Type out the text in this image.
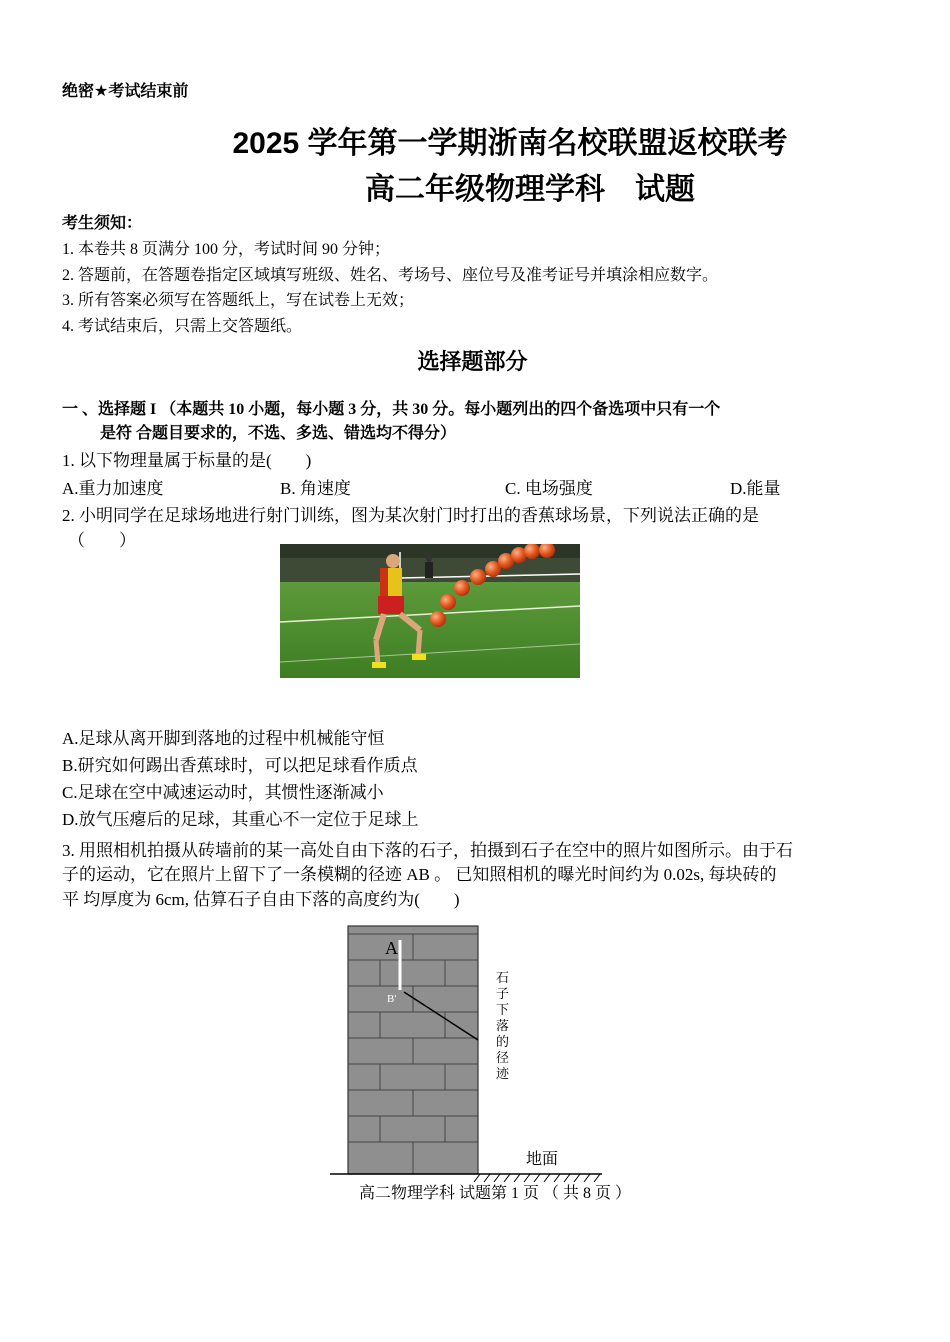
绝密★考试结束前
2025 学年第一学期浙南名校联盟返校联考
高二年级物理学科　试题
考生须知：
1. 本卷共 8 页满分 100 分，考试时间 90 分钟；
2. 答题前，在答题卷指定区域填写班级、姓名、考场号、座位号及准考证号并填涂相应数字。
3. 所有答案必须写在答题纸上，写在试卷上无效；
4. 考试结束后，只需上交答题纸。
选择题部分
一 、选择题 I （本题共 10 小题，每小题 3 分，共 30 分。每小题列出的四个备选项中只有一个
是符 合题目要求的，不选、多选、错选均不得分）
1. 以下物理量属于标量的是(　　)
A.重力加速度	B. 角速度	C. 电场强度	D.能量
2. 小明同学在足球场地进行射门训练，图为某次射门时打出的香蕉球场景，下列说法正确的是
（　　）
A.足球从离开脚到落地的过程中机械能守恒
B.研究如何踢出香蕉球时，可以把足球看作质点
C.足球在空中减速运动时，其惯性逐渐减小
D.放气压瘪后的足球，其重心不一定位于足球上
3. 用照相机拍摄从砖墙前的某一高处自由下落的石子，拍摄到石子在空中的照片如图所示。由于石
子的运动，它在照片上留下了一条模糊的径迹 AB 。 已知照相机的曝光时间约为 0.02s, 每块砖的
平 均厚度为 6cm, 估算石子自由下落的高度约为(　　)
A
B'
石
子
下
落
的
径
迹
地面
高二物理学科 试题第 1 页 （ 共 8 页 ）
